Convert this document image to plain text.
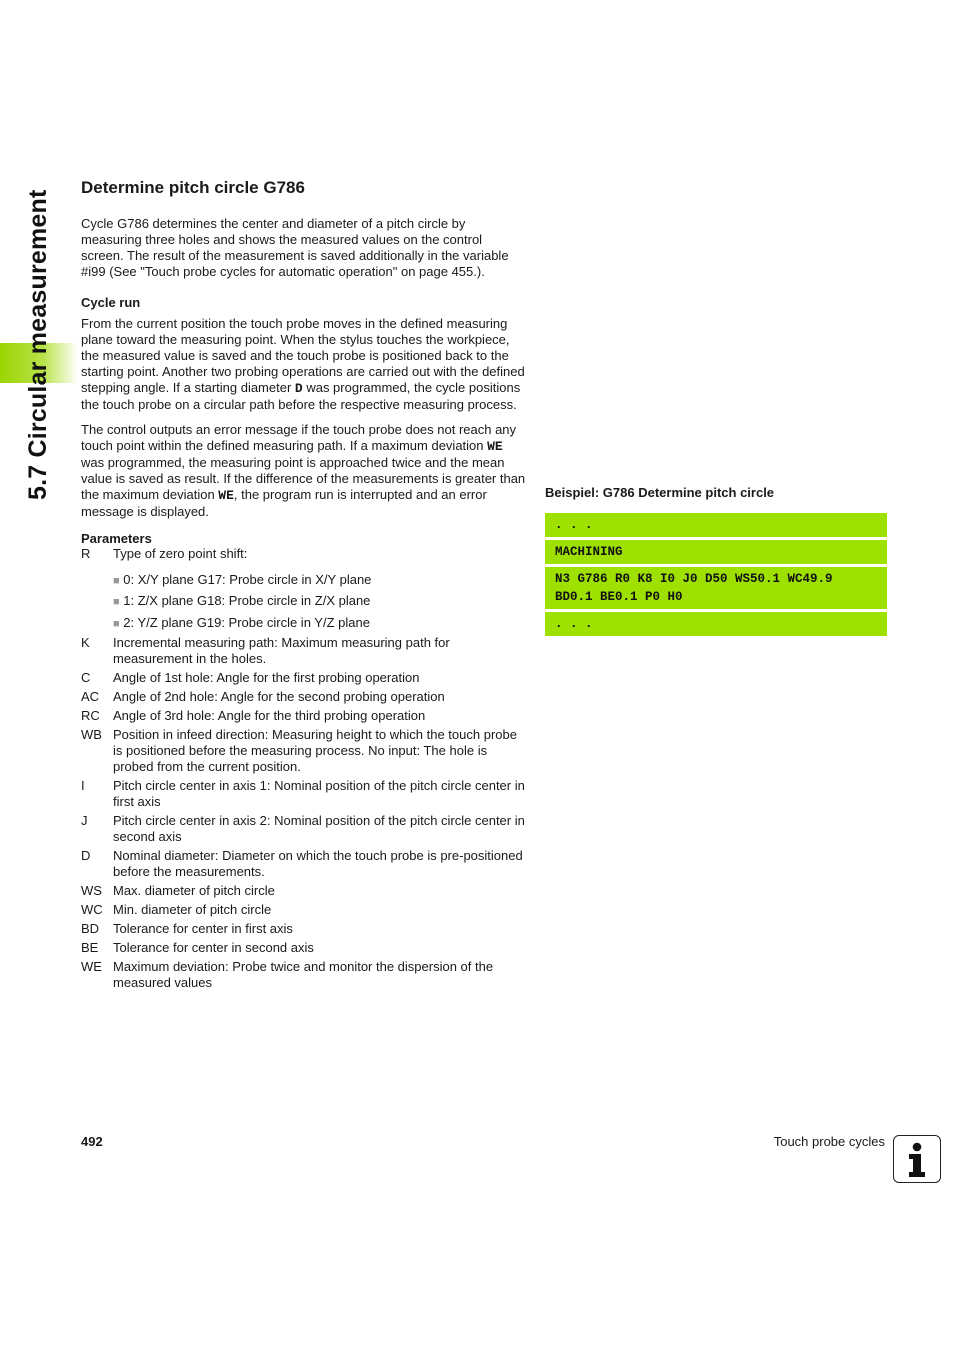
5.7 Circular measurement
Determine pitch circle G786

Cycle G786 determines the center and diameter of a pitch circle by measuring three holes and shows the measured values on the control screen. The result of the measurement is saved additionally in the variable #i99 (See "Touch probe cycles for automatic operation" on page 455.).

Cycle run

From the current position the touch probe moves in the defined measuring plane toward the measuring point. When the stylus touches the workpiece, the measured value is saved and the touch probe is positioned back to the starting point. Another two probing operations are carried out with the defined stepping angle. If a starting diameter D was programmed, the cycle positions the touch probe on a circular path before the respective measuring process.

The control outputs an error message if the touch probe does not reach any touch point within the defined measuring path. If a maximum deviation WE was programmed, the measuring point is approached twice and the mean value is saved as result. If the difference of the measurements is greater than the maximum deviation WE, the program run is interrupted and an error message is displayed.

Parameters
R	Type of zero point shift:
■ 0: X/Y plane G17: Probe circle in X/Y plane
■ 1: Z/X plane G18: Probe circle in Z/X plane
■ 2: Y/Z plane G19: Probe circle in Y/Z plane
K	Incremental measuring path: Maximum measuring path for measurement in the holes.
C	Angle of 1st hole: Angle for the first probing operation
AC	Angle of 2nd hole: Angle for the second probing operation
RC	Angle of 3rd hole: Angle for the third probing operation
WB Position in infeed direction: Measuring height to which the touch probe is positioned before the measuring process. No input: The hole is probed from the current position.
I	Pitch circle center in axis 1: Nominal position of the pitch circle center in first axis
J	Pitch circle center in axis 2: Nominal position of the pitch circle center in second axis
D	Nominal diameter: Diameter on which the touch probe is pre-positioned before the measurements.
WS Max. diameter of pitch circle
WC Min. diameter of pitch circle
BD	Tolerance for center in first axis
BE	Tolerance for center in second axis
WE Maximum deviation: Probe twice and monitor the dispersion of the measured values
Beispiel: G786 Determine pitch circle
. . .
MACHINING
N3 G786 R0 K8 I0 J0 D50 WS50.1 WC49.9 BD0.1 BE0.1 P0 H0
. . .
492	Touch probe cycles
